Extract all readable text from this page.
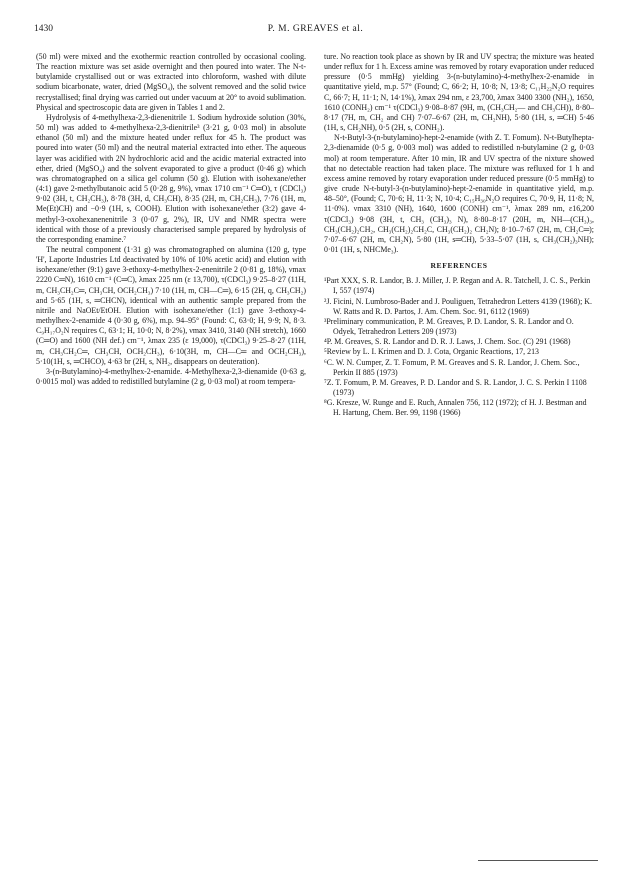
1430	P. M. GREAVES et al.

(50 ml) were mixed and the exothermic reaction controlled by occasional cooling. The reaction mixture was set aside overnight and then poured into water. The N-t-butylamide crystallised out or was extracted into chloroform, washed with dilute sodium bicarbonate, water, dried (MgSO₄), the solvent removed and the solid twice recrystallised; final drying was carried out under vacuum at 20° to avoid sublimation. Physical and spectroscopic data are given in Tables 1 and 2.

Hydrolysis of 4-methylhexa-2,3-dienenitrile 1. Sodium hydroxide solution (30%, 50 ml) was added to 4-methylhexa-2,3-dienitrile³ (3·21 g, 0·03 mol) in absolute ethanol (50 ml) and the mixture heated under reflux for 45 h. The product was poured into water (50 ml) and the neutral material extracted into ether. The aqueous layer was acidified with 2N hydrochloric acid and the acidic material extracted into ether, dried (MgSO₄) and the solvent evaporated to give a product (0·46 g) which was chromatographed on a silica gel column (50 g). Elution with isohexane/ether (4:1) gave 2-methylbutanoic acid 5 (0·28 g, 9%), νmax 1710 cm⁻¹ C═O), τ (CDCl₃) 9·02 (3H, t, CH₂CH₃), 8·78 (3H, d, CH₃CH), 8·35 (2H, m, CH₂CH₃), 7·76 (1H, m, Me(Et)CH) and −0·9 (1H, s, COOH). Elution with isohexane/ether (3:2) gave 4-methyl-3-oxohexanenenitrile 3 (0·07 g, 2%), IR, UV and NMR spectra were identical with those of a previously characterised sample prepared by hydrolysis of the corresponding enamine.⁷

The neutral component (1·31 g) was chromatographed on alumina (120 g, type 'H', Laporte Industries Ltd deactivated by 10% of 10% acetic acid) and elution with isohexane/ether (9:1) gave 3-ethoxy-4-methylhex-2-enenitrile 2 (0·81 g, 18%), νmax 2220 C═N), 1610 cm⁻¹ (C═C), λmax 225 nm (ε 13,700), τ(CDCl₃) 9·25–8·27 (11H, m, CH₃CH₂C═, CH₃CH, OCH₂CH₃) 7·10 (1H, m, CH—C═), 6·15 (2H, q, CH₃CH₂) and 5·65 (1H, s, ═CHCN), identical with an authentic sample prepared from the nitrile and NaOEt/EtOH. Elution with isohexane/ether (1:1) gave 3-ethoxy-4-methylhex-2-enamide 4 (0·30 g, 6%), m.p. 94–95° (Found: C, 63·0; H, 9·9; N, 8·3. C₉H₁₇O₂N requires C, 63·1; H, 10·0; N, 8·2%), νmax 3410, 3140 (NH stretch), 1660 (C═O) and 1600 (NH def.) cm⁻¹, λmax 235 (ε 19,000), τ(CDCl₃) 9·25–8·27 (11H, m, CH₃CH₂C═, CH₃CH, OCH₂CH₃), 6·10(3H, m, CH—C═ and OCH₂CH₃), 5·10(1H, s, ═CHCO), 4·63 br (2H, s, NH₂, disappears on deuteration).

3-(n-Butylamino)-4-methylhex-2-enamide. 4-Methylhexa-2,3-dienamide (0·63 g, 0·0015 mol) was added to redistilled butylamine (2 g, 0·03 mol) at room tempera-

ture. No reaction took place as shown by IR and UV spectra; the mixture was heated under reflux for 1 h. Excess amine was removed by rotary evaporation under reduced pressure (0·5 mmHg) yielding 3-(n-butylamino)-4-methylhex-2-enamide in quantitative yield, m.p. 57° (Found; C, 66·2; H, 10·8; N, 13·8; C₁₁H₂₂N₂O requires C, 66·7; H, 11·1; N, 14·1%), λmax 294 nm, ε 23,700, λmax 3400 3300 (NH₂), 1650, 1610 (CONH₂) cm⁻¹ τ(CDCl₃) 9·08–8·87 (9H, m, (CH₃CH₂— and CH₃CH)), 8·80–8·17 (7H, m, CH₂ and CH) 7·07–6·67 (2H, m, CH₂NH), 5·80 (1H, s, ═CH) 5·46 (1H, s, CH₂NH), 0·5 (2H, s, CONH₂).

N-t-Butyl-3-(n-butylamino)-hept-2-enamide (with Z. T. Fomum). N-t-Butylhepta-2,3-dienamide (0·5 g, 0·003 mol) was added to redistilled n-butylamine (2 g, 0·03 mol) at room temperature. After 10 min, IR and UV spectra of the nixture showed that no detectable reaction had taken place. The mixture was refluxed for 1 h and excess amine removed by rotary evaporation under reduced pressure (0·5 mmHg) to give crude N-t-butyl-3-(n-butylamino)-hept-2-enamide in quantitative yield, m.p. 48–50°, (Found; C, 70·6; H, 11·3; N, 10·4; C₁₅H₃₀N₂O requires C, 70·9, H, 11·8; N, 11·0%). νmax 3310 (NH), 1640, 1600 (CONH) cm⁻¹, λmax 289 nm, ε16,200 τ(CDCl₃) 9·08 (3H, t, CH₃ (CH₃)₃ N), 8·80–8·17 (20H, m, NH—(CH₃)₃, CH₃(CH₂)₂CH₂, CH₃(CH₂)₂CH₂C, CH₃(CH₂)₂ CH₂N); 8·10–7·67 (2H, m, CH₂C═); 7·07–6·67 (2H, m, CH₂N), 5·80 (1H, s═CH), 5·33–5·07 (1H, s, CH₃(CH₂)₃NH); 0·01 (1H, s, NHCMe₃).

REFERENCES

¹Part XXX, S. R. Landor, B. J. Miller, J. P. Regan and A. R. Tatchell, J. C. S., Perkin I, 557 (1974)

²J. Ficini, N. Lumbroso-Bader and J. Pouliguen, Tetrahedron Letters 4139 (1968); K. W. Ratts and R. D. Partos, J. Am. Chem. Soc. 91, 6112 (1969)

³Preliminary communication, P. M. Greaves, P. D. Landor, S. R. Landor and O. Odyek, Tetrahedron Letters 209 (1973)

⁴P. M. Greaves, S. R. Landor and D. R. J. Laws, J. Chem. Soc. (C) 291 (1968)

⁵Review by L. I. Krimen and D. J. Cota, Organic Reactions, 17, 213

⁶C. W. N. Cumper, Z. T. Fomum, P. M. Greaves and S. R. Landor, J. Chem. Soc., Perkin II 885 (1973)

⁷Z. T. Fomum, P. M. Greaves, P. D. Landor and S. R. Landor, J. C. S. Perkin I 1108 (1973)

⁸G. Kresze, W. Runge and E. Ruch, Annalen 756, 112 (1972); cf H. J. Bestman and H. Hartung, Chem. Ber. 99, 1198 (1966)
